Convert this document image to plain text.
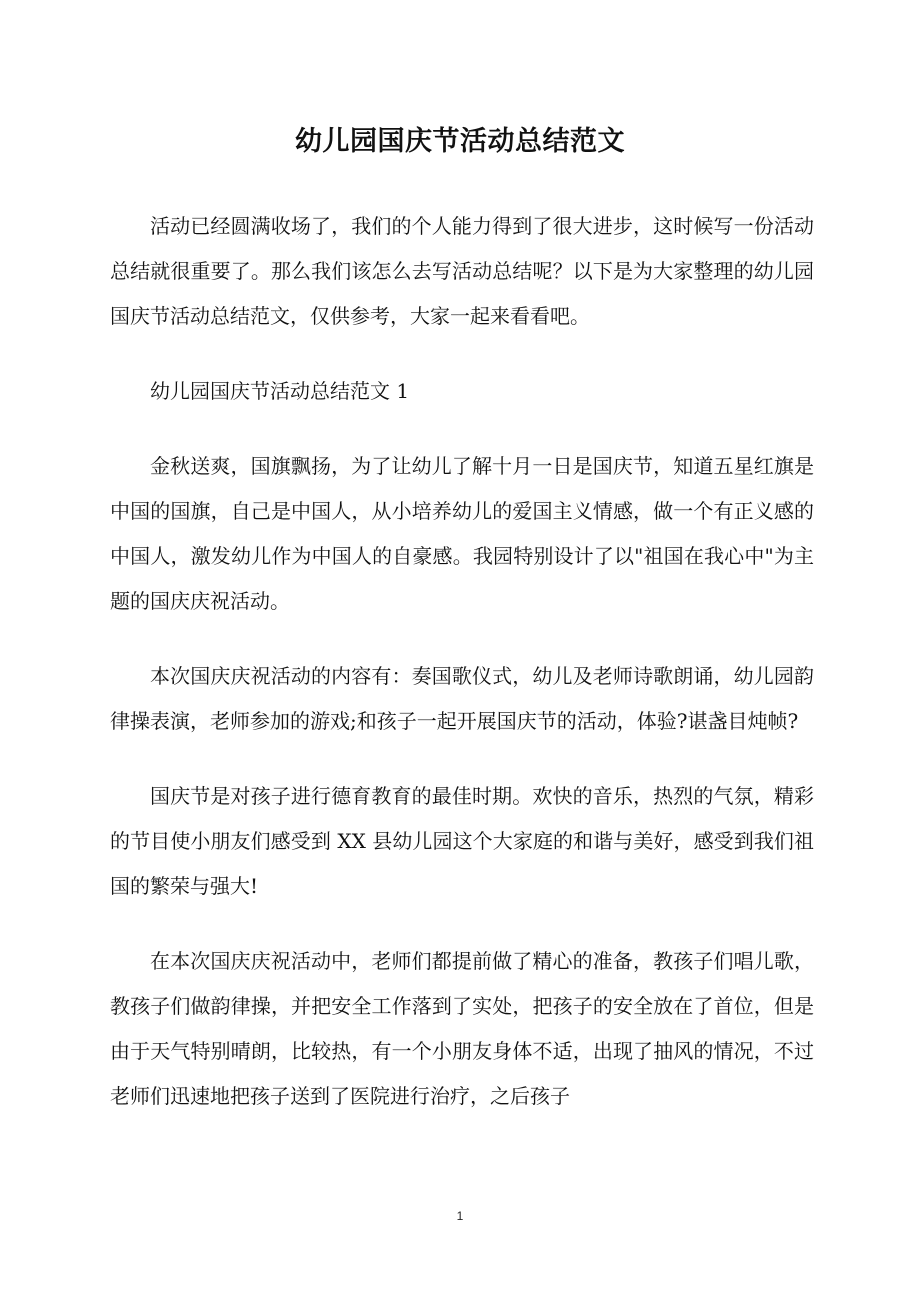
幼儿园国庆节活动总结范文

活动已经圆满收场了，我们的个人能力得到了很大进步，这时候写一份活动总结就很重要了。那么我们该怎么去写活动总结呢？以下是为大家整理的幼儿园国庆节活动总结范文，仅供参考，大家一起来看看吧。

幼儿园国庆节活动总结范文 1

金秋送爽，国旗飘扬，为了让幼儿了解十月一日是国庆节，知道五星红旗是中国的国旗，自己是中国人，从小培养幼儿的爱国主义情感，做一个有正义感的中国人，激发幼儿作为中国人的自豪感。我园特别设计了以"祖国在我心中"为主题的国庆庆祝活动。

本次国庆庆祝活动的内容有：奏国歌仪式，幼儿及老师诗歌朗诵，幼儿园韵律操表演，老师参加的游戏;和孩子一起开展国庆节的活动，体验?谌盏目炖帧?

国庆节是对孩子进行德育教育的最佳时期。欢快的音乐，热烈的气氛，精彩的节目使小朋友们感受到 XX 县幼儿园这个大家庭的和谐与美好，感受到我们祖国的繁荣与强大!

在本次国庆庆祝活动中，老师们都提前做了精心的准备，教孩子们唱儿歌，教孩子们做韵律操，并把安全工作落到了实处，把孩子的安全放在了首位，但是由于天气特别晴朗，比较热，有一个小朋友身体不适，出现了抽风的情况，不过老师们迅速地把孩子送到了医院进行治疗，之后孩子

1
